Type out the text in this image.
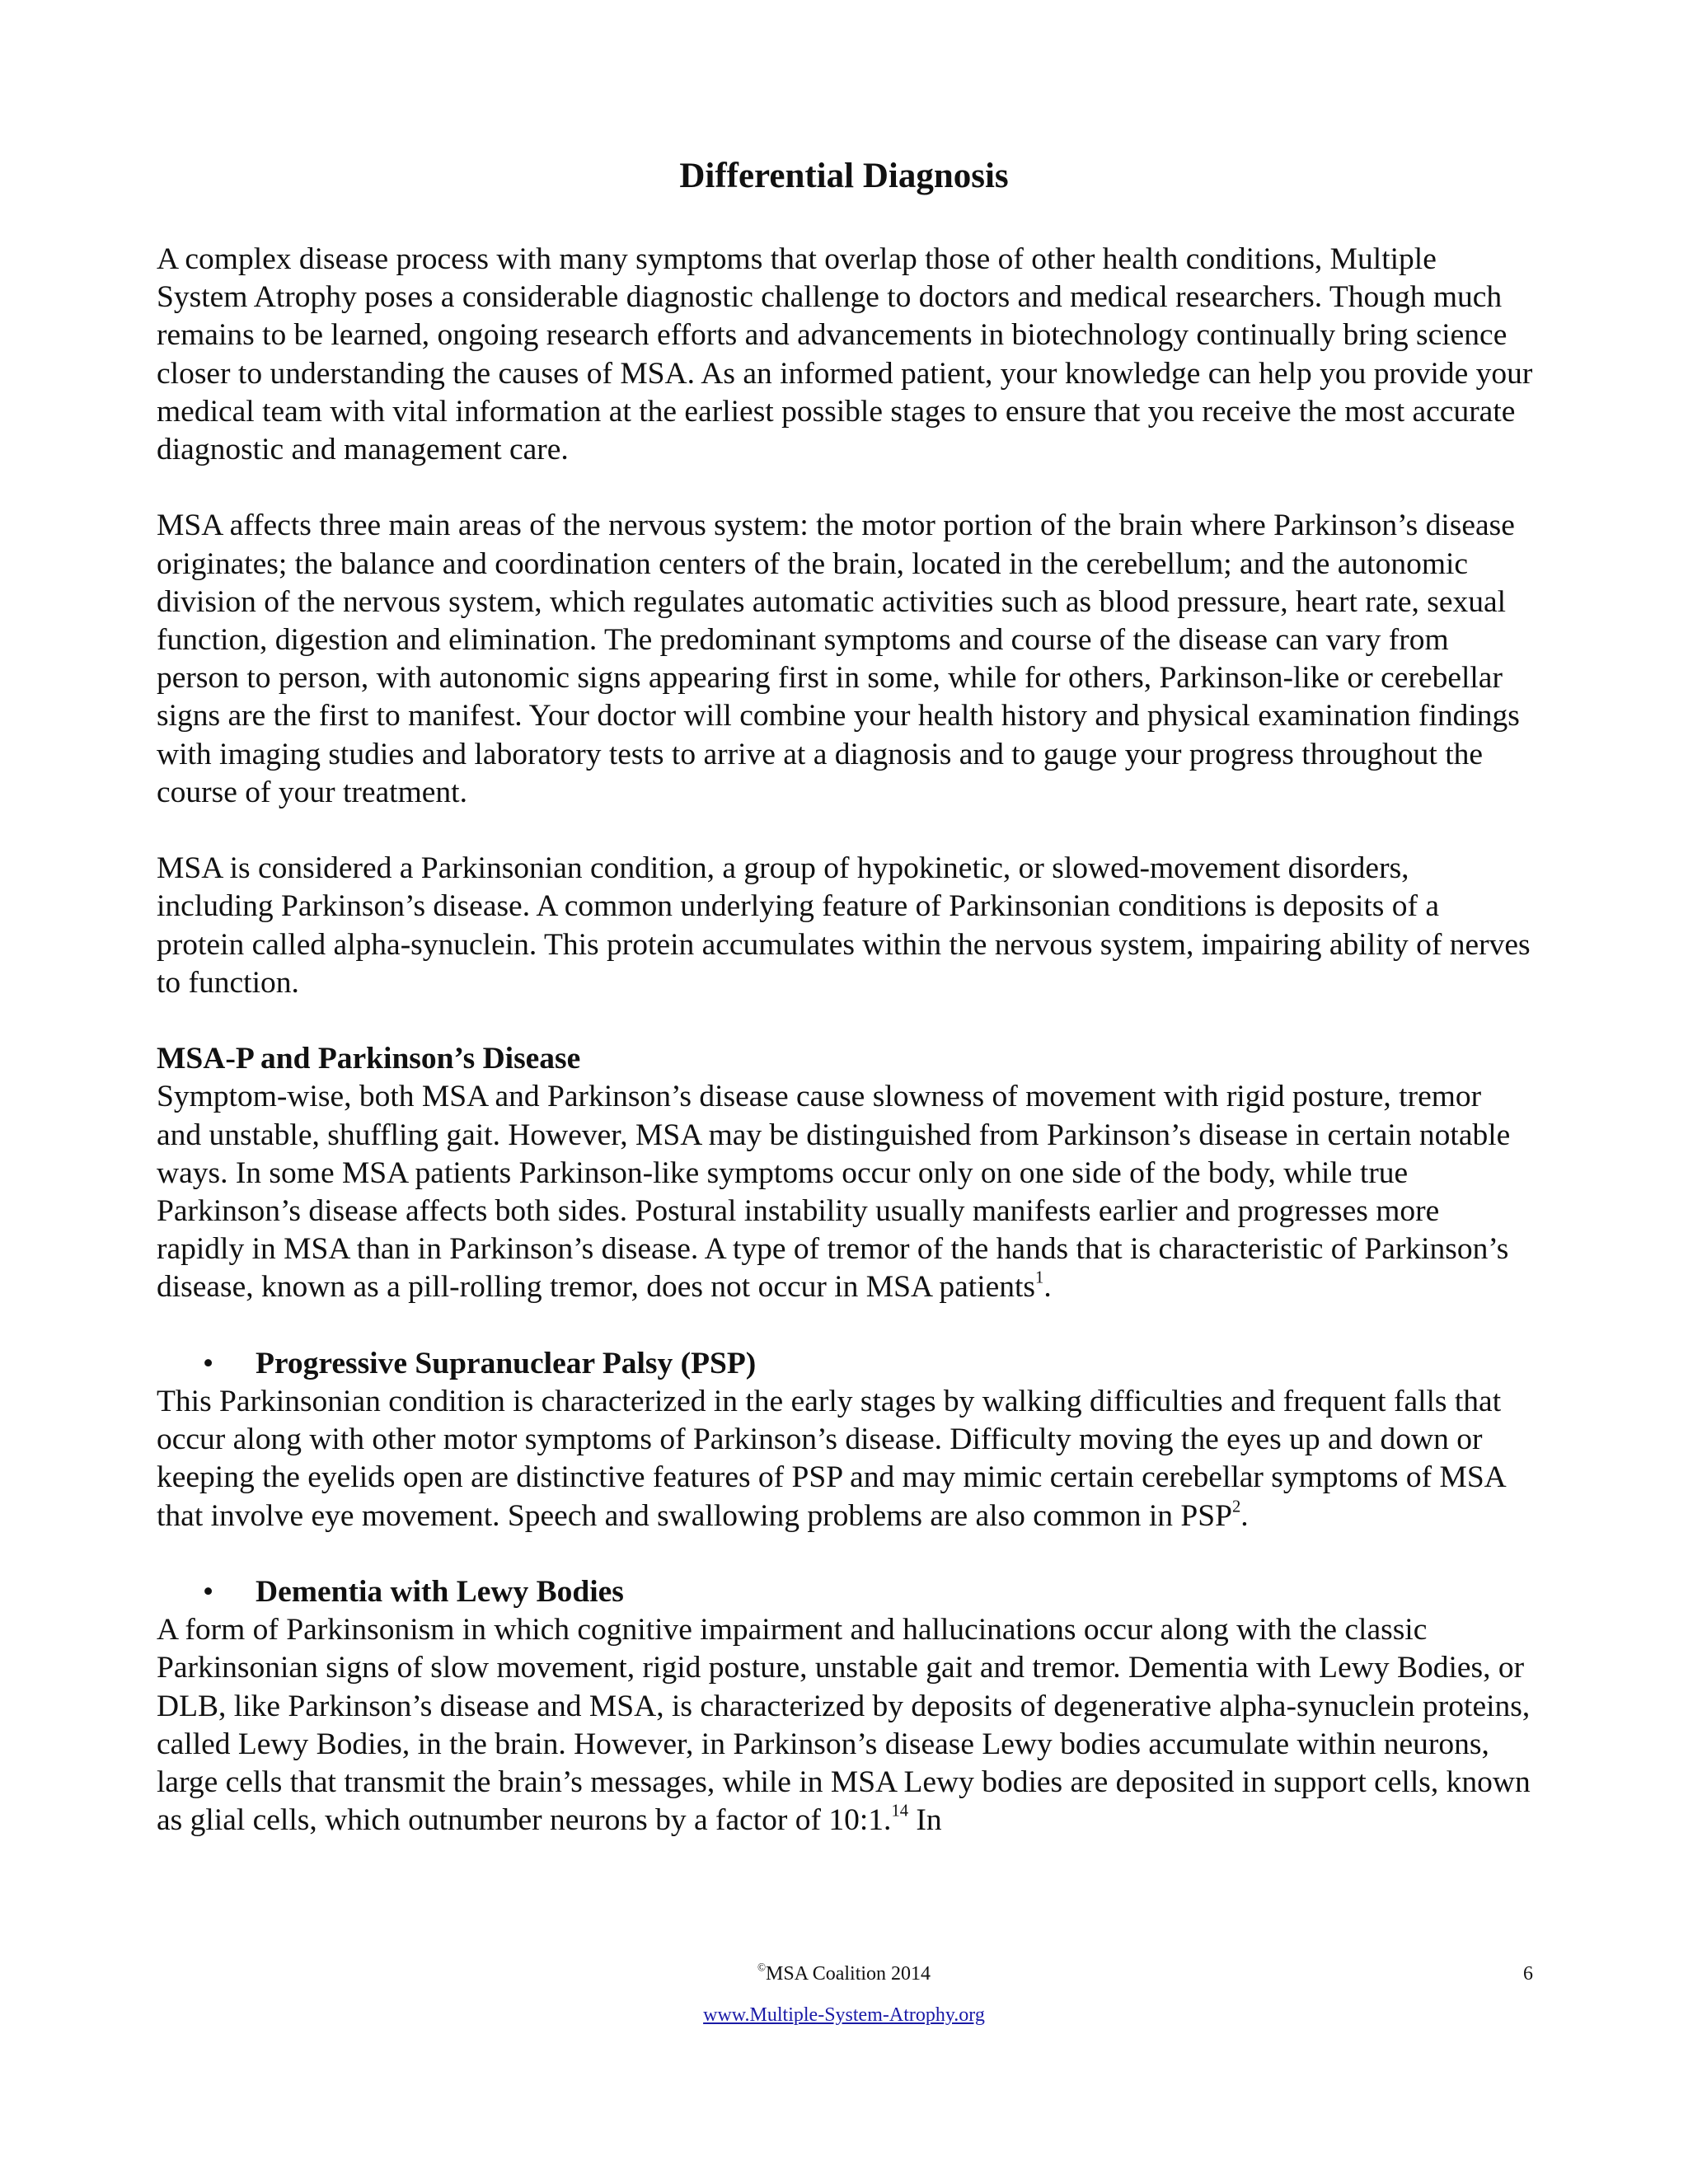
Differential Diagnosis

A complex disease process with many symptoms that overlap those of other health conditions, Multiple System Atrophy poses a considerable diagnostic challenge to doctors and medical researchers. Though much remains to be learned, ongoing research efforts and advancements in biotechnology continually bring science closer to understanding the causes of MSA. As an informed patient, your knowledge can help you provide your medical team with vital information at the earliest possible stages to ensure that you receive the most accurate diagnostic and management care.

MSA affects three main areas of the nervous system: the motor portion of the brain where Parkinson’s disease originates; the balance and coordination centers of the brain, located in the cerebellum; and the autonomic division of the nervous system, which regulates automatic activities such as blood pressure, heart rate, sexual function, digestion and elimination. The predominant symptoms and course of the disease can vary from person to person, with autonomic signs appearing first in some, while for others, Parkinson-like or cerebellar signs are the first to manifest. Your doctor will combine your health history and physical examination findings with imaging studies and laboratory tests to arrive at a diagnosis and to gauge your progress throughout the course of your treatment.

MSA is considered a Parkinsonian condition, a group of hypokinetic, or slowed-movement disorders, including Parkinson’s disease. A common underlying feature of Parkinsonian conditions is deposits of a protein called alpha-synuclein. This protein accumulates within the nervous system, impairing ability of nerves to function.

MSA-P and Parkinson’s Disease

Symptom-wise, both MSA and Parkinson’s disease cause slowness of movement with rigid posture, tremor and unstable, shuffling gait. However, MSA may be distinguished from Parkinson’s disease in certain notable ways. In some MSA patients Parkinson-like symptoms occur only on one side of the body, while true Parkinson’s disease affects both sides. Postural instability usually manifests earlier and progresses more rapidly in MSA than in Parkinson’s disease. A type of tremor of the hands that is characteristic of Parkinson’s disease, known as a pill-rolling tremor, does not occur in MSA patients$^1$.

• Progressive Supranuclear Palsy (PSP)

This Parkinsonian condition is characterized in the early stages by walking difficulties and frequent falls that occur along with other motor symptoms of Parkinson’s disease. Difficulty moving the eyes up and down or keeping the eyelids open are distinctive features of PSP and may mimic certain cerebellar symptoms of MSA that involve eye movement. Speech and swallowing problems are also common in PSP$^2$.

• Dementia with Lewy Bodies

A form of Parkinsonism in which cognitive impairment and hallucinations occur along with the classic Parkinsonian signs of slow movement, rigid posture, unstable gait and tremor. Dementia with Lewy Bodies, or DLB, like Parkinson’s disease and MSA, is characterized by deposits of degenerative alpha-synuclein proteins, called Lewy Bodies, in the brain. However, in Parkinson’s disease Lewy bodies accumulate within neurons, large cells that transmit the brain’s messages, while in MSA Lewy bodies are deposited in support cells, known as glial cells, which outnumber neurons by a factor of 10:1.14 In

©MSA Coalition 2014	6
www.Multiple-System-Atrophy.org
